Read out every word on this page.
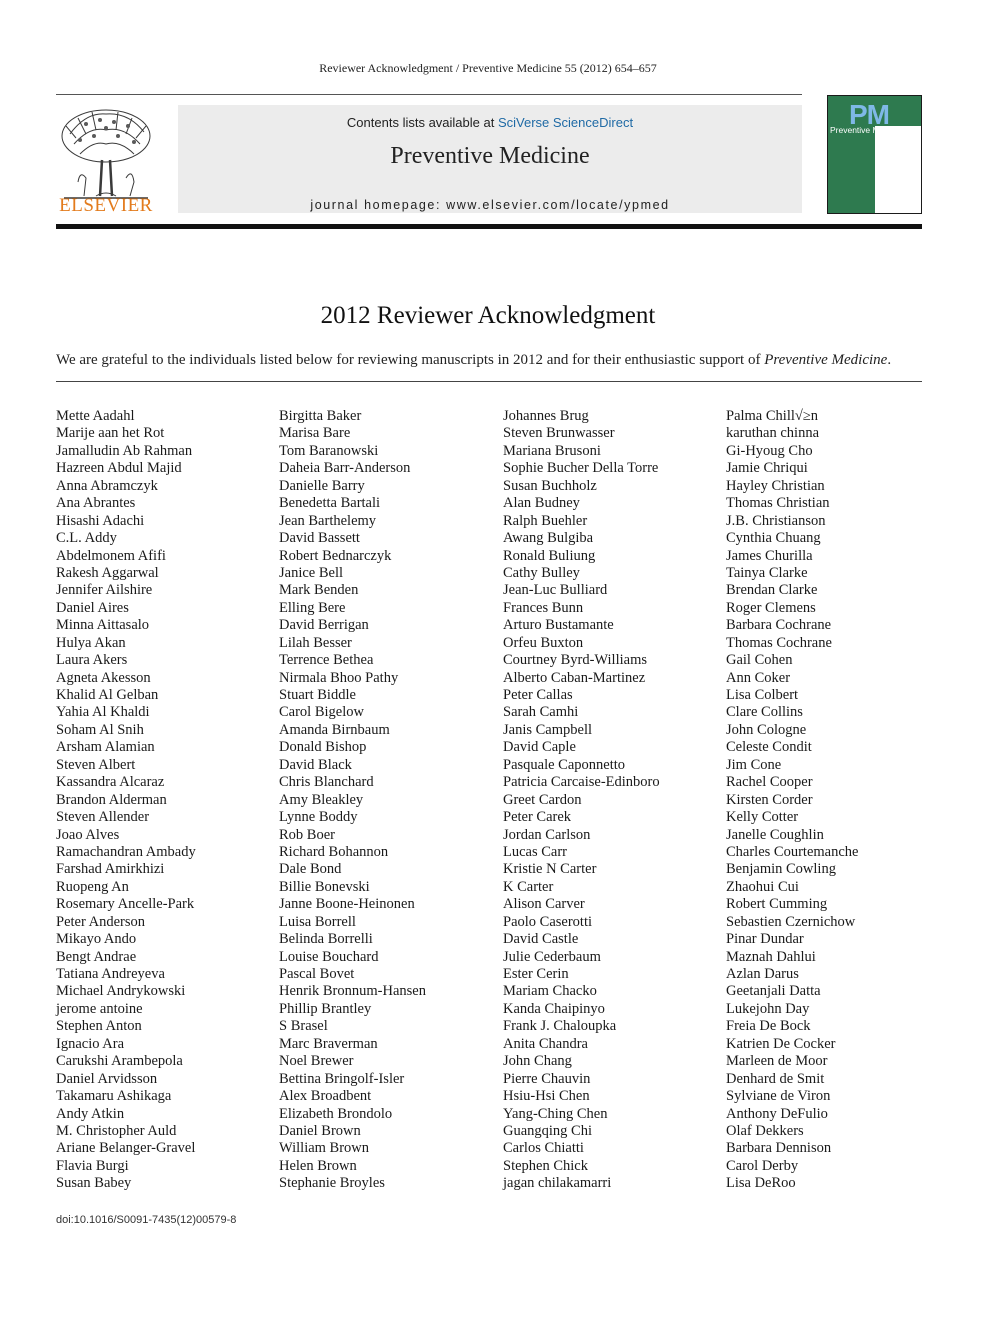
Reviewer Acknowledgment / Preventive Medicine 55 (2012) 654–657
ELSEVIER
Contents lists available at SciVerse ScienceDirect
Preventive Medicine
journal homepage: www.elsevier.com/locate/ypmed
PM
Preventive Medicine
2012 Reviewer Acknowledgment
We are grateful to the individuals listed below for reviewing manuscripts in 2012 and for their enthusiastic support of Preventive Medicine.
Mette Aadahl
Marije aan het Rot
Jamalludin Ab Rahman
Hazreen Abdul Majid
Anna Abramczyk
Ana Abrantes
Hisashi Adachi
C.L. Addy
Abdelmonem Afifi
Rakesh Aggarwal
Jennifer Ailshire
Daniel Aires
Minna Aittasalo
Hulya Akan
Laura Akers
Agneta Akesson
Khalid Al Gelban
Yahia Al Khaldi
Soham Al Snih
Arsham Alamian
Steven Albert
Kassandra Alcaraz
Brandon Alderman
Steven Allender
Joao Alves
Ramachandran Ambady
Farshad Amirkhizi
Ruopeng An
Rosemary Ancelle-Park
Peter Anderson
Mikayo Ando
Bengt Andrae
Tatiana Andreyeva
Michael Andrykowski
jerome antoine
Stephen Anton
Ignacio Ara
Carukshi Arambepola
Daniel Arvidsson
Takamaru Ashikaga
Andy Atkin
M. Christopher Auld
Ariane Belanger-Gravel
Flavia Burgi
Susan Babey
Birgitta Baker
Marisa Bare
Tom Baranowski
Daheia Barr-Anderson
Danielle Barry
Benedetta Bartali
Jean Barthelemy
David Bassett
Robert Bednarczyk
Janice Bell
Mark Benden
Elling Bere
David Berrigan
Lilah Besser
Terrence Bethea
Nirmala Bhoo Pathy
Stuart Biddle
Carol Bigelow
Amanda Birnbaum
Donald Bishop
David Black
Chris Blanchard
Amy Bleakley
Lynne Boddy
Rob Boer
Richard Bohannon
Dale Bond
Billie Bonevski
Janne Boone-Heinonen
Luisa Borrell
Belinda Borrelli
Louise Bouchard
Pascal Bovet
Henrik Bronnum-Hansen
Phillip Brantley
S Brasel
Marc Braverman
Noel Brewer
Bettina Bringolf-Isler
Alex Broadbent
Elizabeth Brondolo
Daniel Brown
William Brown
Helen Brown
Stephanie Broyles
Johannes Brug
Steven Brunwasser
Mariana Brusoni
Sophie Bucher Della Torre
Susan Buchholz
Alan Budney
Ralph Buehler
Awang Bulgiba
Ronald Buliung
Cathy Bulley
Jean-Luc Bulliard
Frances Bunn
Arturo Bustamante
Orfeu Buxton
Courtney Byrd-Williams
Alberto Caban-Martinez
Peter Callas
Sarah Camhi
Janis Campbell
David Caple
Pasquale Caponnetto
Patricia Carcaise-Edinboro
Greet Cardon
Peter Carek
Jordan Carlson
Lucas Carr
Kristie N Carter
K Carter
Alison Carver
Paolo Caserotti
David Castle
Julie Cederbaum
Ester Cerin
Mariam Chacko
Kanda Chaipinyo
Frank J. Chaloupka
Anita Chandra
John Chang
Pierre Chauvin
Hsiu-Hsi Chen
Yang-Ching Chen
Guangqing Chi
Carlos Chiatti
Stephen Chick
jagan chilakamarri
Palma Chill√≥n
karuthan chinna
Gi-Hyoug Cho
Jamie Chriqui
Hayley Christian
Thomas Christian
J.B. Christianson
Cynthia Chuang
James Churilla
Tainya Clarke
Brendan Clarke
Roger Clemens
Barbara Cochrane
Thomas Cochrane
Gail Cohen
Ann Coker
Lisa Colbert
Clare Collins
John Cologne
Celeste Condit
Jim Cone
Rachel Cooper
Kirsten Corder
Kelly Cotter
Janelle Coughlin
Charles Courtemanche
Benjamin Cowling
Zhaohui Cui
Robert Cumming
Sebastien Czernichow
Pinar Dundar
Maznah Dahlui
Azlan Darus
Geetanjali Datta
Lukejohn Day
Freia De Bock
Katrien De Cocker
Marleen de Moor
Denhard de Smit
Sylviane de Viron
Anthony DeFulio
Olaf Dekkers
Barbara Dennison
Carol Derby
Lisa DeRoo
doi:10.1016/S0091-7435(12)00579-8
